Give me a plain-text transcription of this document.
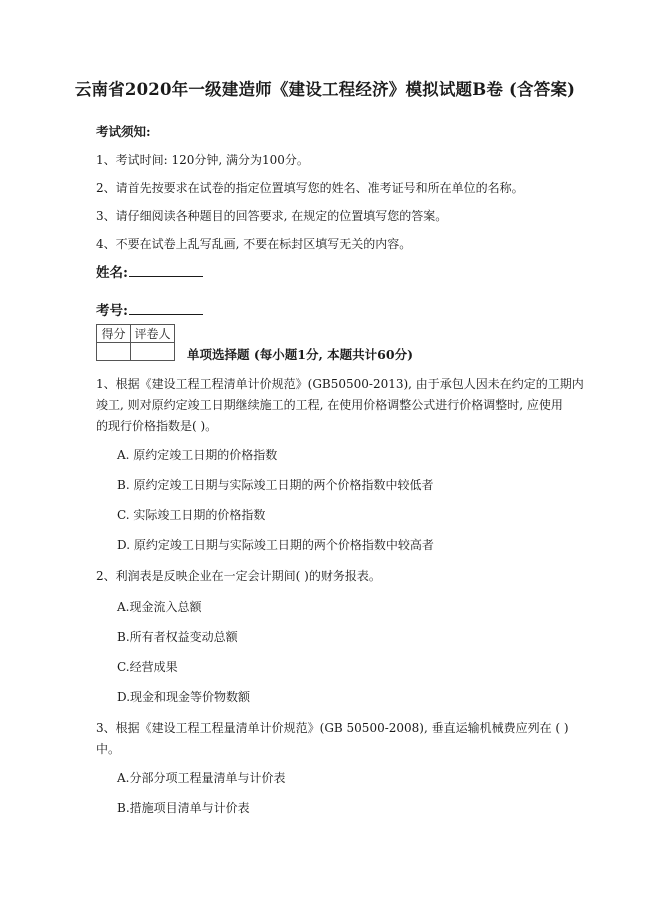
云南省2020年一级建造师《建设工程经济》模拟试题B卷 (含答案)
考试须知:
1、考试时间: 120分钟, 满分为100分。
2、请首先按要求在试卷的指定位置填写您的姓名、准考证号和所在单位的名称。
3、请仔细阅读各种题目的回答要求, 在规定的位置填写您的答案。
4、不要在试卷上乱写乱画, 不要在标封区填写无关的内容。
姓名:
考号:
得分	评卷人

单项选择题 (每小题1分, 本题共计60分)
1、根据《建设工程工程清单计价规范》(GB50500-2013), 由于承包人因未在约定的工期内
竣工, 则对原约定竣工日期继续施工的工程, 在使用价格调整公式进行价格调整时, 应使用
的现行价格指数是( )。
A. 原约定竣工日期的价格指数
B. 原约定竣工日期与实际竣工日期的两个价格指数中较低者
C. 实际竣工日期的价格指数
D. 原约定竣工日期与实际竣工日期的两个价格指数中较高者
2、利润表是反映企业在一定会计期间( )的财务报表。
A.现金流入总额
B.所有者权益变动总额
C.经营成果
D.现金和现金等价物数额
3、根据《建设工程工程量清单计价规范》(GB 50500-2008), 垂直运输机械费应列在 ( )
中。
A.分部分项工程量清单与计价表
B.措施项目清单与计价表
